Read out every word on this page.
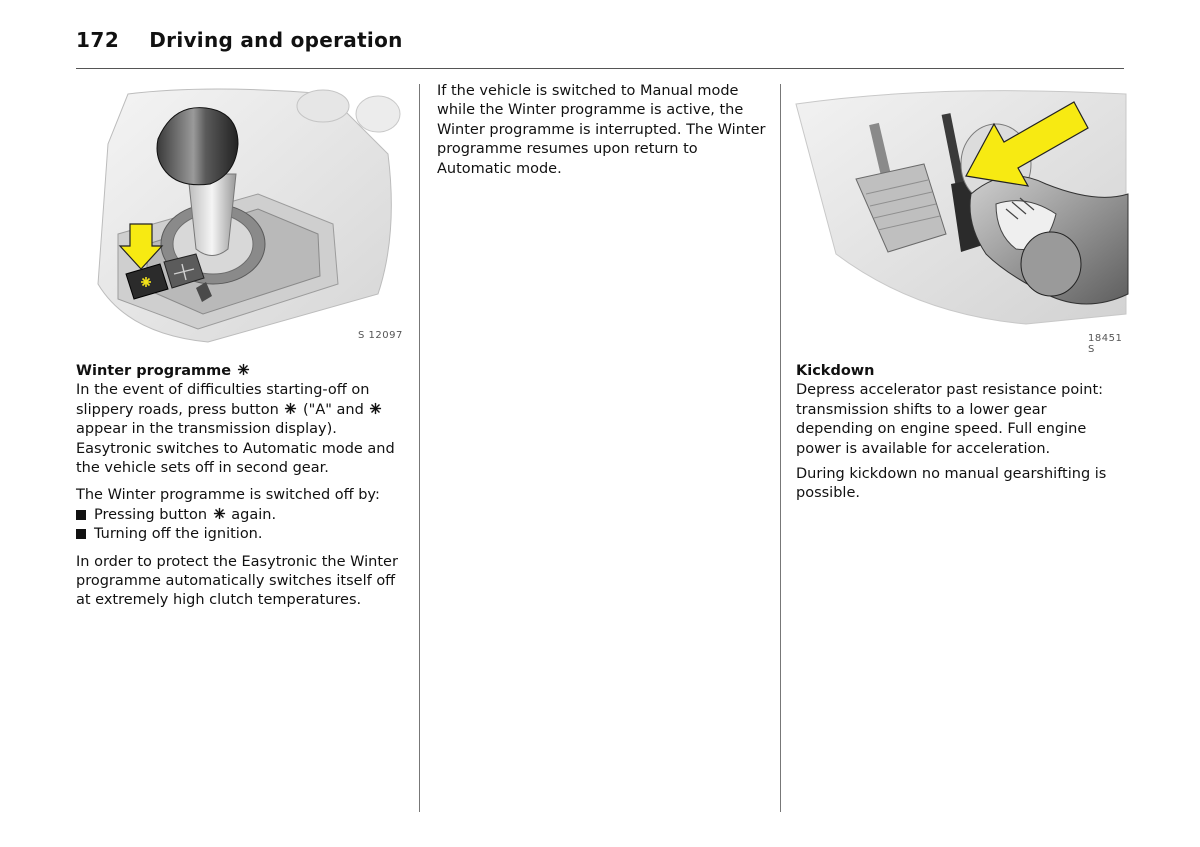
172 Driving and operation
S 12097	18451 S
Winter programme

In the event of difficulties starting-off on slippery roads, press button  ("A" and  appear in the transmission display).
Easytronic switches to Automatic mode and the vehicle sets off in second gear.

The Winter programme is switched off by:

Pressing button  again.
Turning off the ignition.

In order to protect the Easytronic the Winter programme automatically switches itself off at extremely high clutch temperatures.

If the vehicle is switched to Manual mode while the Winter programme is active, the Winter programme is interrupted. The Winter programme resumes upon return to Automatic mode.

Kickdown

Depress accelerator past resistance point: transmission shifts to a lower gear depending on engine speed. Full engine power is available for acceleration.

During kickdown no manual gearshifting is possible.
